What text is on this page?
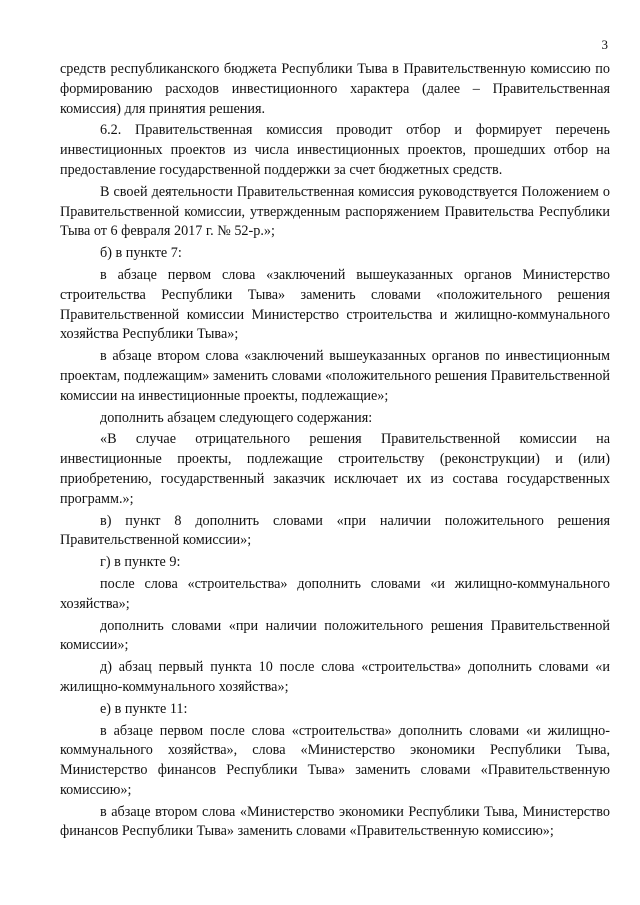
3

средств республиканского бюджета Республики Тыва в Правительственную комиссию по формированию расходов инвестиционного характера (далее – Правительственная комиссия) для принятия решения.

6.2. Правительственная комиссия проводит отбор и формирует перечень инвестиционных проектов из числа инвестиционных проектов, прошедших отбор на предоставление государственной поддержки за счет бюджетных средств.

В своей деятельности Правительственная комиссия руководствуется Положением о Правительственной комиссии, утвержденным распоряжением Правительства Республики Тыва от 6 февраля 2017 г. № 52-р.»;

б) в пункте 7:

в абзаце первом слова «заключений вышеуказанных органов Министерство строительства Республики Тыва» заменить словами «положительного решения Правительственной комиссии Министерство строительства и жилищно-коммунального хозяйства Республики Тыва»;

в абзаце втором слова «заключений вышеуказанных органов по инвестиционным проектам, подлежащим» заменить словами «положительного решения Правительственной комиссии на инвестиционные проекты, подлежащие»;

дополнить абзацем следующего содержания:

«В случае отрицательного решения Правительственной комиссии на инвестиционные проекты, подлежащие строительству (реконструкции) и (или) приобретению, государственный заказчик исключает их из состава государственных программ.»;

в) пункт 8 дополнить словами «при наличии положительного решения Правительственной комиссии»;

г) в пункте 9:

после слова «строительства» дополнить словами «и жилищно-коммунального хозяйства»;

дополнить словами «при наличии положительного решения Правительственной комиссии»;

д) абзац первый пункта 10 после слова «строительства» дополнить словами «и жилищно-коммунального хозяйства»;

е) в пункте 11:

в абзаце первом после слова «строительства» дополнить словами «и жилищно-коммунального хозяйства», слова «Министерство экономики Республики Тыва, Министерство финансов Республики Тыва» заменить словами «Правительственную комиссию»;

в абзаце втором слова «Министерство экономики Республики Тыва, Министерство финансов Республики Тыва» заменить словами «Правительственную комиссию»;
